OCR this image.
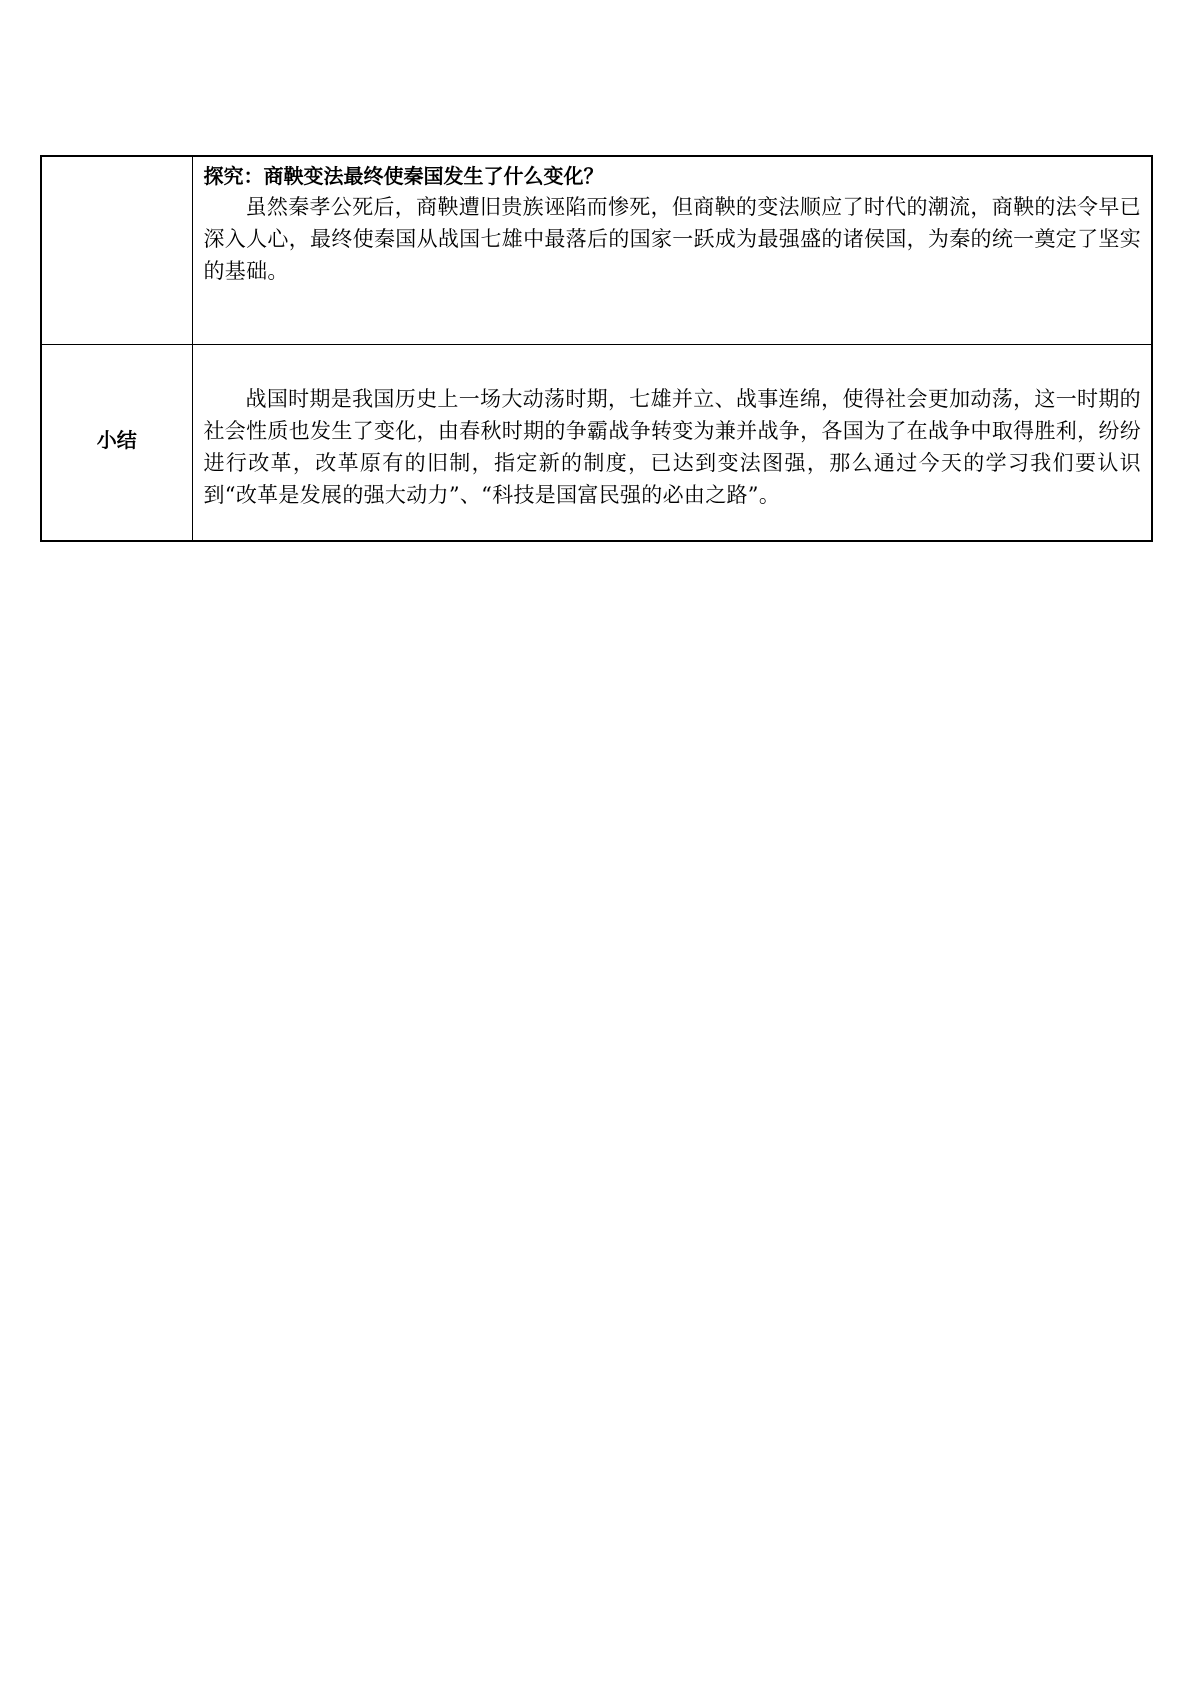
	探究：商鞅变法最终使秦国发生了什么变化？

虽然秦孝公死后，商鞅遭旧贵族诬陷而惨死，但商鞅的变法顺应了时代的潮流，商鞅的法令早已深入人心，最终使秦国从战国七雄中最落后的国家一跃成为最强盛的诸侯国，为秦的统一奠定了坚实的基础。

小结	战国时期是我国历史上一场大动荡时期，七雄并立、战事连绵，使得社会更加动荡，这一时期的社会性质也发生了变化，由春秋时期的争霸战争转变为兼并战争，各国为了在战争中取得胜利，纷纷进行改革，改革原有的旧制，指定新的制度，已达到变法图强，那么通过今天的学习我们要认识到“改革是发展的强大动力”、“科技是国富民强的必由之路”。
